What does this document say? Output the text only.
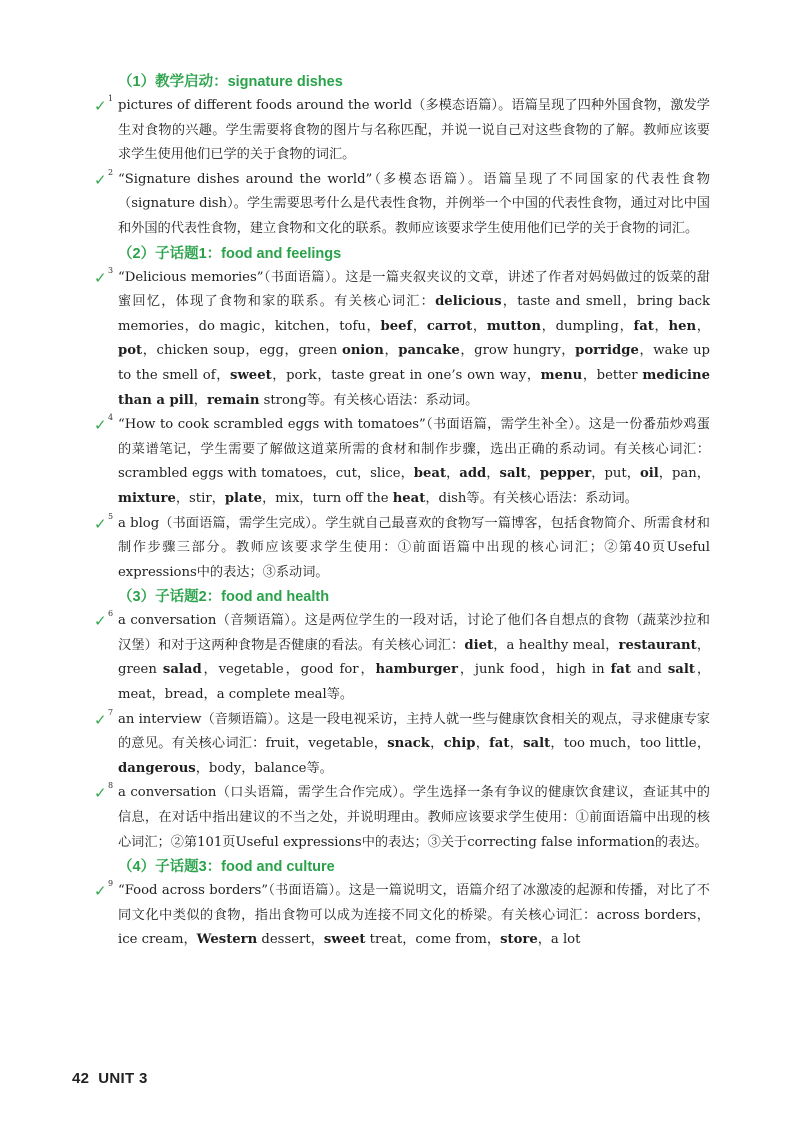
（1）教学启动：signature dishes
✓ 1 pictures of different foods around the world（多模态语篇）。语篇呈现了四种外国食物，激发学生对食物的兴趣。学生需要将食物的图片与名称匹配，并说一说自己对这些食物的了解。教师应该要求学生使用他们已学的关于食物的词汇。
✓ 2 “Signature dishes around the world”（多模态语篇）。语篇呈现了不同国家的代表性食物（signature dish）。学生需要思考什么是代表性食物，并例举一个中国的代表性食物，通过对比中国和外国的代表性食物，建立食物和文化的联系。教师应该要求学生使用他们已学的关于食物的词汇。
（2）子话题1：food and feelings
✓ 3 “Delicious memories”（书面语篇）。这是一篇夹叙夹议的文章，讲述了作者对妈妈做过的饭菜的甜蜜回忆，体现了食物和家的联系。有关核心词汇：delicious，taste and smell，bring back memories，do magic，kitchen，tofu，beef，carrot，mutton，dumpling，fat，hen，pot，chicken soup，egg，green onion，pancake，grow hungry，porridge，wake up to the smell of，sweet，pork，taste great in one’s own way，menu，better medicine than a pill，remain strong等。有关核心语法：系动词。
✓ 4 “How to cook scrambled eggs with tomatoes”（书面语篇，需学生补全）。这是一份番茄炒鸡蛋的菜谱笔记，学生需要了解做这道菜所需的食材和制作步骤，选出正确的系动词。有关核心词汇：scrambled eggs with tomatoes，cut，slice，beat，add，salt，pepper，put，oil，pan，mixture，stir，plate，mix，turn off the heat，dish等。有关核心语法：系动词。
✓ 5 a blog（书面语篇，需学生完成）。学生就自己最喜欢的食物写一篇博客，包括食物简介、所需食材和制作步骤三部分。教师应该要求学生使用：①前面语篇中出现的核心词汇；②第40页Useful expressions中的表达；③系动词。
（3）子话题2：food and health
✓ 6 a conversation（音频语篇）。这是两位学生的一段对话，讨论了他们各自想点的食物（蔬菜沙拉和汉堡）和对于这两种食物是否健康的看法。有关核心词汇：diet，a healthy meal，restaurant，green salad，vegetable，good for，hamburger，junk food，high in fat and salt，meat，bread，a complete meal等。
✓ 7 an interview（音频语篇）。这是一段电视采访，主持人就一些与健康饮食相关的观点，寻求健康专家的意见。有关核心词汇：fruit，vegetable，snack，chip，fat，salt，too much，too little，dangerous，body，balance等。
✓ 8 a conversation（口头语篇，需学生合作完成）。学生选择一条有争议的健康饮食建议，查证其中的信息，在对话中指出建议的不当之处，并说明理由。教师应该要求学生使用：①前面语篇中出现的核心词汇；②第101页Useful expressions中的表达；③关于correcting false information的表达。
（4）子话题3：food and culture
✓ 9 “Food across borders”（书面语篇）。这是一篇说明文，语篇介绍了冰激凌的起源和传播，对比了不同文化中类似的食物，指出食物可以成为连接不同文化的桥梁。有关核心词汇：across borders，ice cream，Western dessert，sweet treat，come from，store，a lot
42 UNIT 3
